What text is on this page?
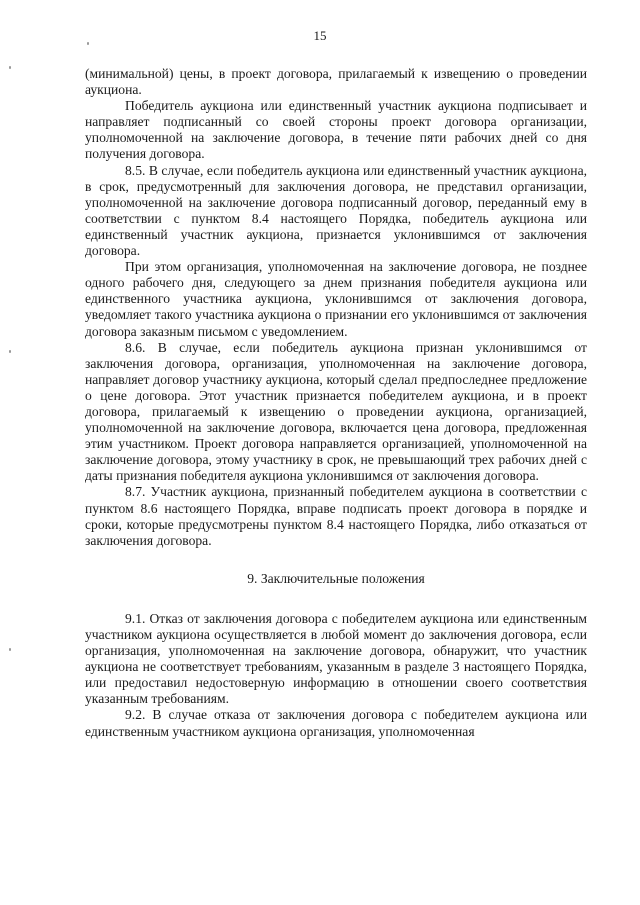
15

(минимальной) цены, в проект договора, прилагаемый к извещению о проведении аукциона.

Победитель аукциона или единственный участник аукциона подписывает и направляет подписанный со своей стороны проект договора организации, уполномоченной на заключение договора, в течение пяти рабочих дней со дня получения договора.

8.5. В случае, если победитель аукциона или единственный участник аукциона, в срок, предусмотренный для заключения договора, не представил организации, уполномоченной на заключение договора подписанный договор, переданный ему в соответствии с пунктом 8.4 настоящего Порядка, победитель аукциона или единственный участник аукциона, признается уклонившимся от заключения договора.

При этом организация, уполномоченная на заключение договора, не позднее одного рабочего дня, следующего за днем признания победителя аукциона или единственного участника аукциона, уклонившимся от заключения договора, уведомляет такого участника аукциона о признании его уклонившимся от заключения договора заказным письмом с уведомлением.

8.6. В случае, если победитель аукциона признан уклонившимся от заключения договора, организация, уполномоченная на заключение договора, направляет договор участнику аукциона, который сделал предпоследнее предложение о цене договора. Этот участник признается победителем аукциона, и в проект договора, прилагаемый к извещению о проведении аукциона, организацией, уполномоченной на заключение договора, включается цена договора, предложенная этим участником. Проект договора направляется организацией, уполномоченной на заключение договора, этому участнику в срок, не превышающий трех рабочих дней с даты признания победителя аукциона уклонившимся от заключения договора.

8.7. Участник аукциона, признанный победителем аукциона в соответствии с пунктом 8.6 настоящего Порядка, вправе подписать проект договора в порядке и сроки, которые предусмотрены пунктом 8.4 настоящего Порядка, либо отказаться от заключения договора.

9. Заключительные положения

9.1. Отказ от заключения договора с победителем аукциона или единственным участником аукциона осуществляется в любой момент до заключения договора, если организация, уполномоченная на заключение договора, обнаружит, что участник аукциона не соответствует требованиям, указанным в разделе 3 настоящего Порядка, или предоставил недостоверную информацию в отношении своего соответствия указанным требованиям.

9.2. В случае отказа от заключения договора с победителем аукциона или единственным участником аукциона организация, уполномоченная
